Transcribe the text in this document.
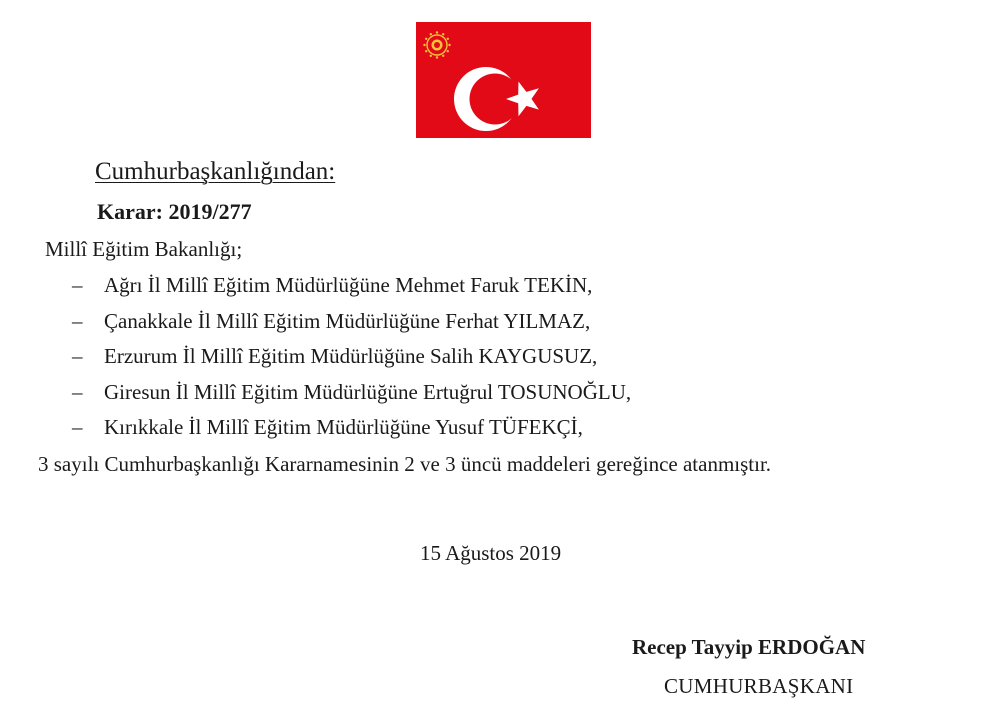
Cumhurbaşkanlığından:
Karar: 2019/277
Millî Eğitim Bakanlığı;
–	Ağrı İl Millî Eğitim Müdürlüğüne Mehmet Faruk TEKİN,
–	Çanakkale İl Millî Eğitim Müdürlüğüne Ferhat YILMAZ,
–	Erzurum İl Millî Eğitim Müdürlüğüne Salih KAYGUSUZ,
–	Giresun İl Millî Eğitim Müdürlüğüne Ertuğrul TOSUNOĞLU,
–	Kırıkkale İl Millî Eğitim Müdürlüğüne Yusuf TÜFEKÇİ,
3 sayılı Cumhurbaşkanlığı Kararnamesinin 2 ve 3 üncü maddeleri gereğince atanmıştır.
15 Ağustos 2019
Recep Tayyip ERDOĞAN
CUMHURBAŞKANI
